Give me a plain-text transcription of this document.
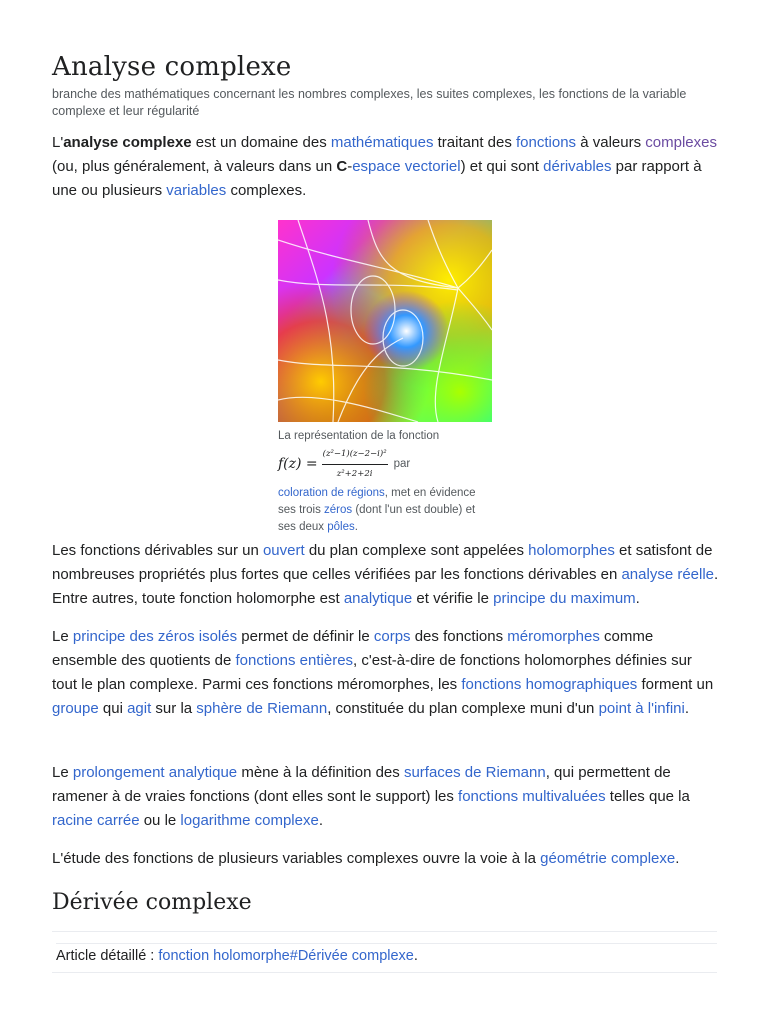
Analyse complexe

branche des mathématiques concernant les nombres complexes, les suites complexes, les fonctions de la variable complexe et leur régularité

L'analyse complexe est un domaine des mathématiques traitant des fonctions à valeurs complexes (ou, plus généralement, à valeurs dans un C-espace vectoriel) et qui sont dérivables par rapport à une ou plusieurs variables complexes.

La représentation de la fonction
$f(z) = \frac{\text{(z²−1)(z−2−i)²}}{\text{z²+2+2i}}$ par
coloration de régions, met en évidence ses trois zéros (dont l'un est double) et ses deux pôles.

Les fonctions dérivables sur un ouvert du plan complexe sont appelées holomorphes et satisfont de nombreuses propriétés plus fortes que celles vérifiées par les fonctions dérivables en analyse réelle. Entre autres, toute fonction holomorphe est analytique et vérifie le principe du maximum.

Le principe des zéros isolés permet de définir le corps des fonctions méromorphes comme ensemble des quotients de fonctions entières, c'est-à-dire de fonctions holomorphes définies sur tout le plan complexe. Parmi ces fonctions méromorphes, les fonctions homographiques forment un groupe qui agit sur la sphère de Riemann, constituée du plan complexe muni d'un point à l'infini.

Le prolongement analytique mène à la définition des surfaces de Riemann, qui permettent de ramener à de vraies fonctions (dont elles sont le support) les fonctions multivaluées telles que la racine carrée ou le logarithme complexe.

L'étude des fonctions de plusieurs variables complexes ouvre la voie à la géométrie complexe.

Dérivée complexe
Article détaillé : fonction holomorphe#Dérivée complexe.
